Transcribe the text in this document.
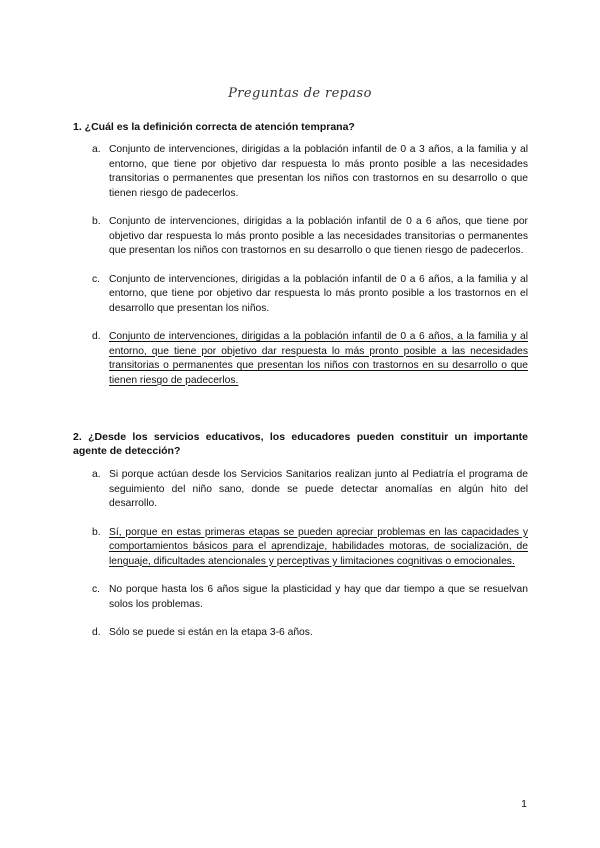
Preguntas de repaso
1. ¿Cuál es la definición correcta de atención temprana?
a. Conjunto de intervenciones, dirigidas a la población infantil de 0 a 3 años, a la familia y al entorno, que tiene por objetivo dar respuesta lo más pronto posible a las necesidades transitorias o permanentes que presentan los niños con trastornos en su desarrollo o que tienen riesgo de padecerlos.
b. Conjunto de intervenciones, dirigidas a la población infantil de 0 a 6 años, que tiene por objetivo dar respuesta lo más pronto posible a las necesidades transitorias o permanentes que presentan los niños con trastornos en su desarrollo o que tienen riesgo de padecerlos.
c. Conjunto de intervenciones, dirigidas a la población infantil de 0 a 6 años, a la familia y al entorno, que tiene por objetivo dar respuesta lo más pronto posible a los trastornos en el desarrollo que presentan los niños.
d. Conjunto de intervenciones, dirigidas a la población infantil de 0 a 6 años, a la familia y al entorno, que tiene por objetivo dar respuesta lo más pronto posible a las necesidades transitorias o permanentes que presentan los niños con trastornos en su desarrollo o que tienen riesgo de padecerlos.
2. ¿Desde los servicios educativos, los educadores pueden constituir un importante agente de detección?
a. Si porque actúan desde los Servicios Sanitarios realizan junto al Pediatría el programa de seguimiento del niño sano, donde se puede detectar anomalías en algún hito del desarrollo.
b. Sí, porque en estas primeras etapas se pueden apreciar problemas en las capacidades y comportamientos básicos para el aprendizaje, habilidades motoras, de socialización, de lenguaje, dificultades atencionales y perceptivas y limitaciones cognitivas o emocionales.
c. No porque hasta los 6 años sigue la plasticidad y hay que dar tiempo a que se resuelvan solos los problemas.
d. Sólo se puede si están en la etapa 3-6 años.
1
